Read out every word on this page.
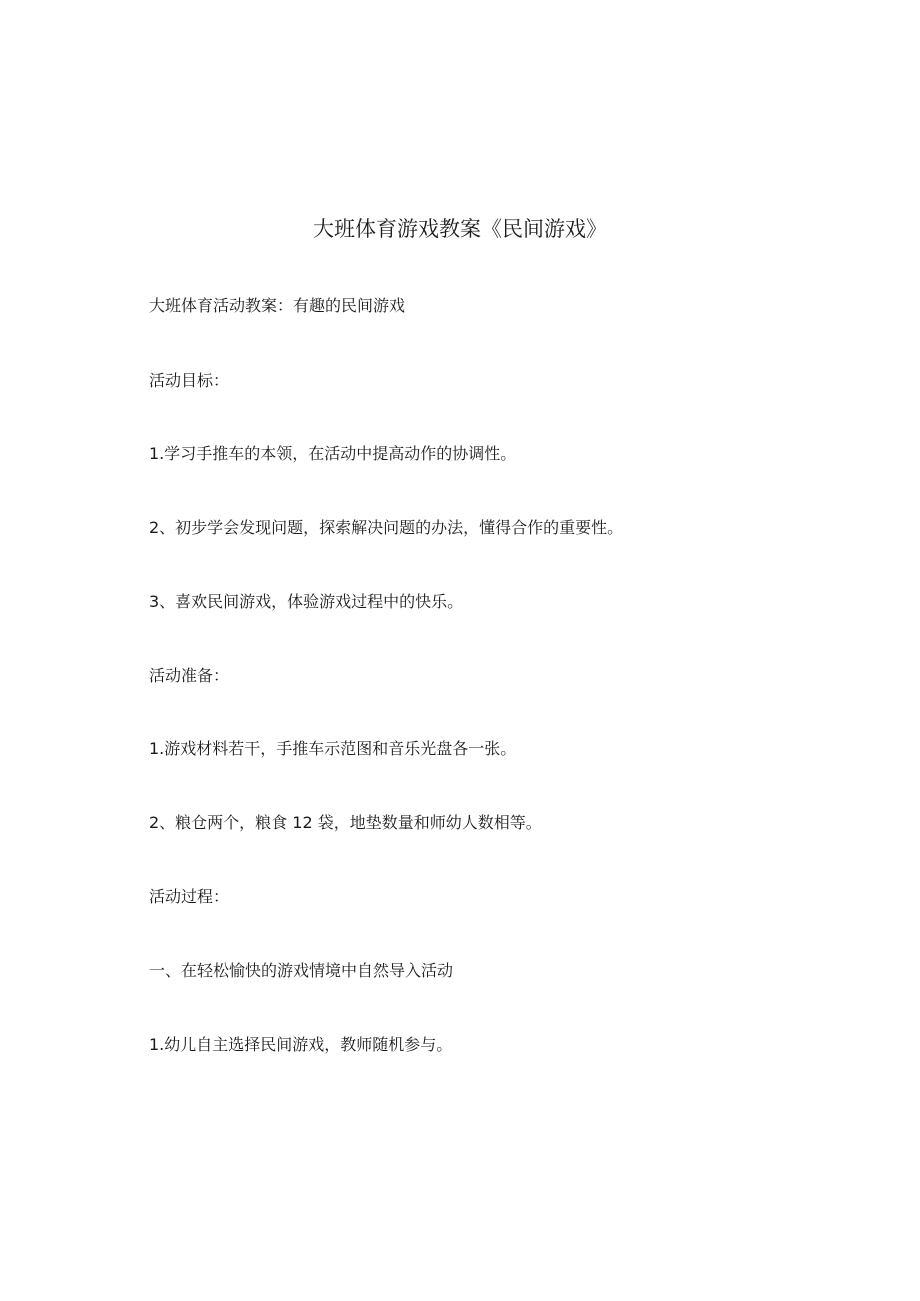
大班体育游戏教案《民间游戏》
大班体育活动教案：有趣的民间游戏
活动目标：
1.学习手推车的本领，在活动中提高动作的协调性。
2、初步学会发现问题，探索解决问题的办法，懂得合作的重要性。
3、喜欢民间游戏，体验游戏过程中的快乐。
活动准备：
1.游戏材料若干，手推车示范图和音乐光盘各一张。
2、粮仓两个，粮食 12 袋，地垫数量和师幼人数相等。
活动过程：
一、在轻松愉快的游戏情境中自然导入活动
1.幼儿自主选择民间游戏，教师随机参与。
